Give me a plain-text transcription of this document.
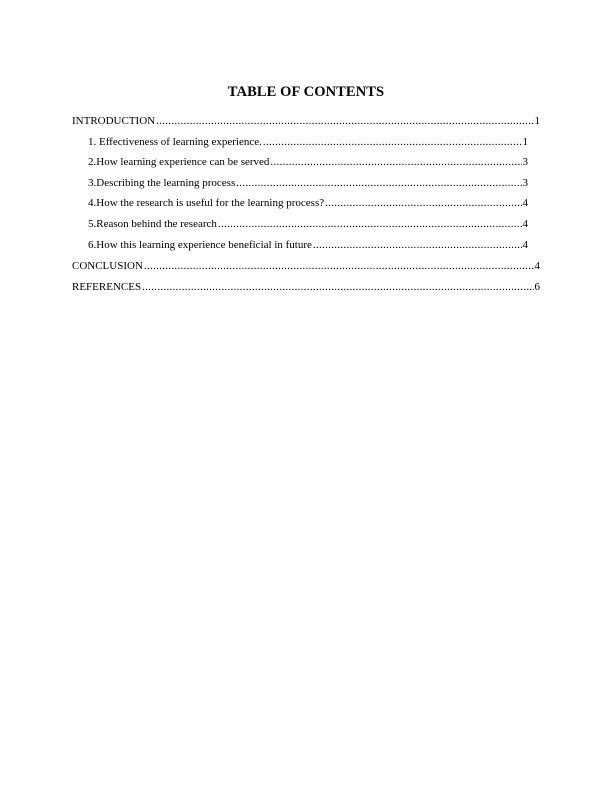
TABLE OF CONTENTS
INTRODUCTION .....	1
1. Effectiveness of learning experience. .....	1
2.How learning experience can be served .....	3
3.Describing the learning process .....	3
4.How the research is useful for the learning process? .....	4
5.Reason behind the research .....	4
6.How this learning experience beneficial in future .....	4
CONCLUSION .....	4
REFERENCES .....	6
